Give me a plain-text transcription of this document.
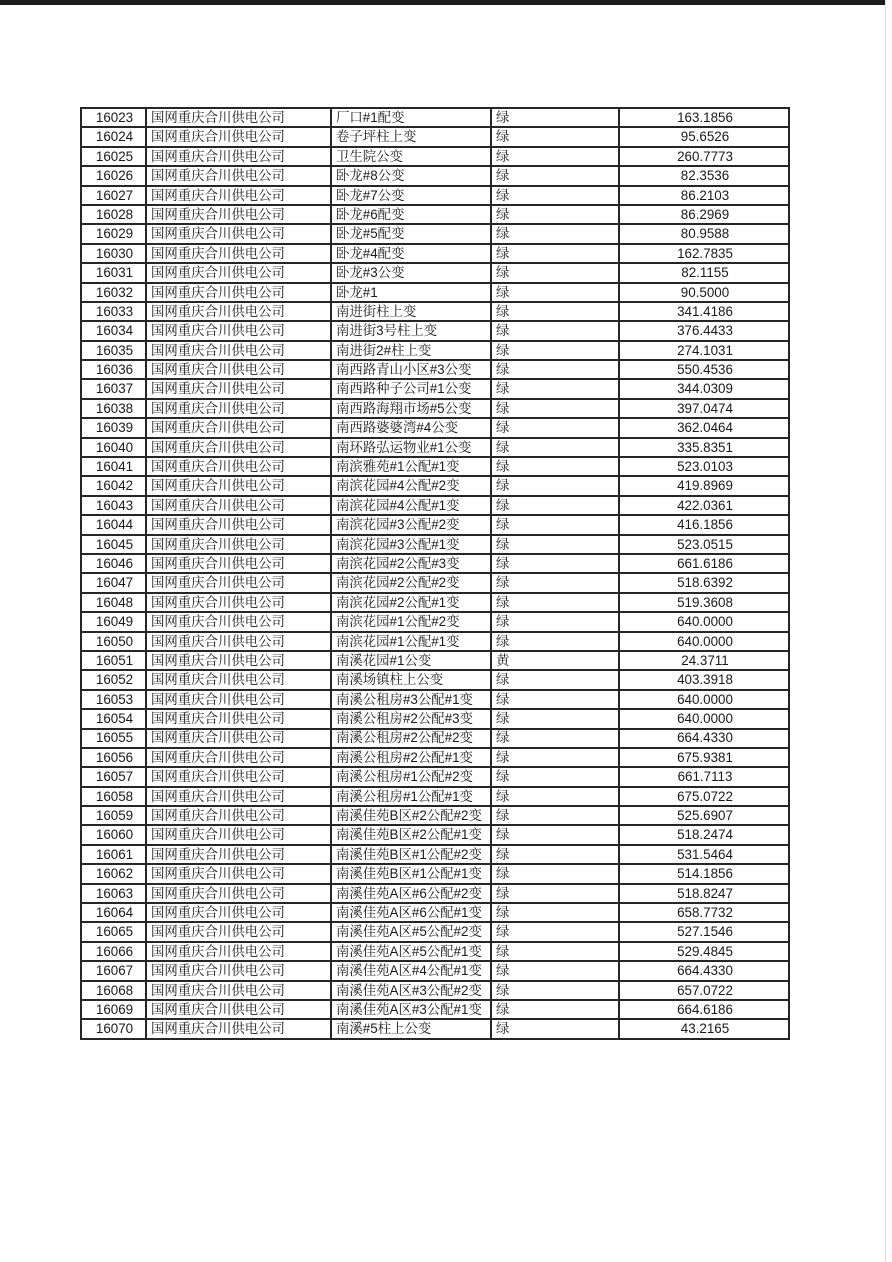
16023	国网重庆合川供电公司	厂口#1配变	绿	163.1856
16024	国网重庆合川供电公司	卷子坪柱上变	绿	95.6526
16025	国网重庆合川供电公司	卫生院公变	绿	260.7773
16026	国网重庆合川供电公司	卧龙#8公变	绿	82.3536
16027	国网重庆合川供电公司	卧龙#7公变	绿	86.2103
16028	国网重庆合川供电公司	卧龙#6配变	绿	86.2969
16029	国网重庆合川供电公司	卧龙#5配变	绿	80.9588
16030	国网重庆合川供电公司	卧龙#4配变	绿	162.7835
16031	国网重庆合川供电公司	卧龙#3公变	绿	82.1155
16032	国网重庆合川供电公司	卧龙#1	绿	90.5000
16033	国网重庆合川供电公司	南进街柱上变	绿	341.4186
16034	国网重庆合川供电公司	南进街3号柱上变	绿	376.4433
16035	国网重庆合川供电公司	南进街2#柱上变	绿	274.1031
16036	国网重庆合川供电公司	南西路青山小区#3公变	绿	550.4536
16037	国网重庆合川供电公司	南西路种子公司#1公变	绿	344.0309
16038	国网重庆合川供电公司	南西路海翔市场#5公变	绿	397.0474
16039	国网重庆合川供电公司	南西路婆婆湾#4公变	绿	362.0464
16040	国网重庆合川供电公司	南环路弘运物业#1公变	绿	335.8351
16041	国网重庆合川供电公司	南滨雅苑#1公配#1变	绿	523.0103
16042	国网重庆合川供电公司	南滨花园#4公配#2变	绿	419.8969
16043	国网重庆合川供电公司	南滨花园#4公配#1变	绿	422.0361
16044	国网重庆合川供电公司	南滨花园#3公配#2变	绿	416.1856
16045	国网重庆合川供电公司	南滨花园#3公配#1变	绿	523.0515
16046	国网重庆合川供电公司	南滨花园#2公配#3变	绿	661.6186
16047	国网重庆合川供电公司	南滨花园#2公配#2变	绿	518.6392
16048	国网重庆合川供电公司	南滨花园#2公配#1变	绿	519.3608
16049	国网重庆合川供电公司	南滨花园#1公配#2变	绿	640.0000
16050	国网重庆合川供电公司	南滨花园#1公配#1变	绿	640.0000
16051	国网重庆合川供电公司	南溪花园#1公变	黄	24.3711
16052	国网重庆合川供电公司	南溪场镇柱上公变	绿	403.3918
16053	国网重庆合川供电公司	南溪公租房#3公配#1变	绿	640.0000
16054	国网重庆合川供电公司	南溪公租房#2公配#3变	绿	640.0000
16055	国网重庆合川供电公司	南溪公租房#2公配#2变	绿	664.4330
16056	国网重庆合川供电公司	南溪公租房#2公配#1变	绿	675.9381
16057	国网重庆合川供电公司	南溪公租房#1公配#2变	绿	661.7113
16058	国网重庆合川供电公司	南溪公租房#1公配#1变	绿	675.0722
16059	国网重庆合川供电公司	南溪佳苑B区#2公配#2变	绿	525.6907
16060	国网重庆合川供电公司	南溪佳苑B区#2公配#1变	绿	518.2474
16061	国网重庆合川供电公司	南溪佳苑B区#1公配#2变	绿	531.5464
16062	国网重庆合川供电公司	南溪佳苑B区#1公配#1变	绿	514.1856
16063	国网重庆合川供电公司	南溪佳苑A区#6公配#2变	绿	518.8247
16064	国网重庆合川供电公司	南溪佳苑A区#6公配#1变	绿	658.7732
16065	国网重庆合川供电公司	南溪佳苑A区#5公配#2变	绿	527.1546
16066	国网重庆合川供电公司	南溪佳苑A区#5公配#1变	绿	529.4845
16067	国网重庆合川供电公司	南溪佳苑A区#4公配#1变	绿	664.4330
16068	国网重庆合川供电公司	南溪佳苑A区#3公配#2变	绿	657.0722
16069	国网重庆合川供电公司	南溪佳苑A区#3公配#1变	绿	664.6186
16070	国网重庆合川供电公司	南溪#5柱上公变	绿	43.2165
